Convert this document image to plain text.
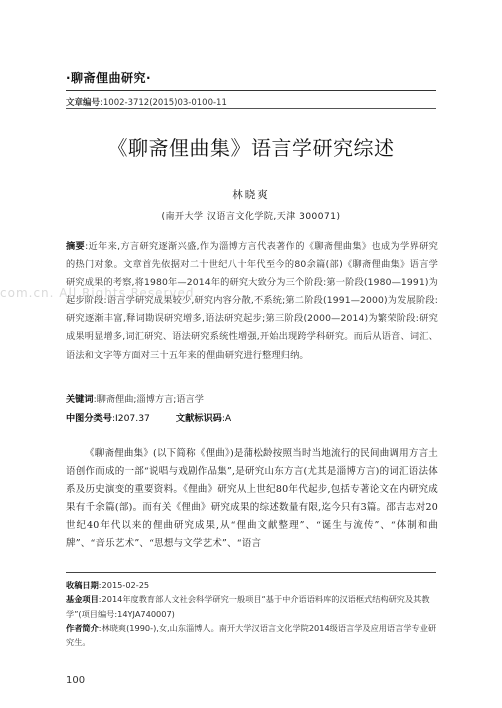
·聊斋俚曲研究·
文章编号:1002-3712(2015)03-0100-11
《聊斋俚曲集》语言学研究综述
林晓爽
(南开大学 汉语言文化学院,天津 300071)
摘要:近年来,方言研究逐渐兴盛,作为淄博方言代表著作的《聊斋俚曲集》也成为学界研究的热门对象。文章首先依据对二十世纪八十年代至今的80余篇(部)《聊斋俚曲集》语言学研究成果的考察,将1980年—2014年的研究大致分为三个阶段:第一阶段(1980—1991)为起步阶段:语言学研究成果较少,研究内容分散,不系统;第二阶段(1991—2000)为发展阶段:研究逐渐丰富,释词勘误研究增多,语法研究起步;第三阶段(2000—2014)为繁荣阶段:研究成果明显增多,词汇研究、语法研究系统性增强,开始出现跨学科研究。而后从语音、词汇、语法和文字等方面对三十五年来的俚曲研究进行整理归纳。
关键词:聊斋俚曲;淄博方言;语言学
中图分类号:I207.37	文献标识码:A
《聊斋俚曲集》(以下简称《俚曲》)是蒲松龄按照当时当地流行的民间曲调用方言土语创作而成的一部“说唱与戏剧作品集”,是研究山东方言(尤其是淄博方言)的词汇语法体系及历史演变的重要资料。《俚曲》研究从上世纪80年代起步,包括专著论文在内研究成果有千余篇(部)。而有关《俚曲》研究成果的综述数量有限,迄今只有3篇。邵吉志对20世纪40年代以来的俚曲研究成果,从“俚曲文献整理”、“诞生与流传”、“体制和曲牌”、“音乐艺术”、“思想与文学艺术”、“语言

收稿日期:2015-02-25

基金项目:2014年度教育部人文社会科学研究一般项目“基于中介语语料库的汉语框式结构研究及其教学”(项目编号:14YJA740007)

作者简介:林晓爽(1990-),女,山东淄博人。南开大学汉语言文化学院2014级语言学及应用语言学专业研究生。

100
com.cn. All Rights Reserved.
